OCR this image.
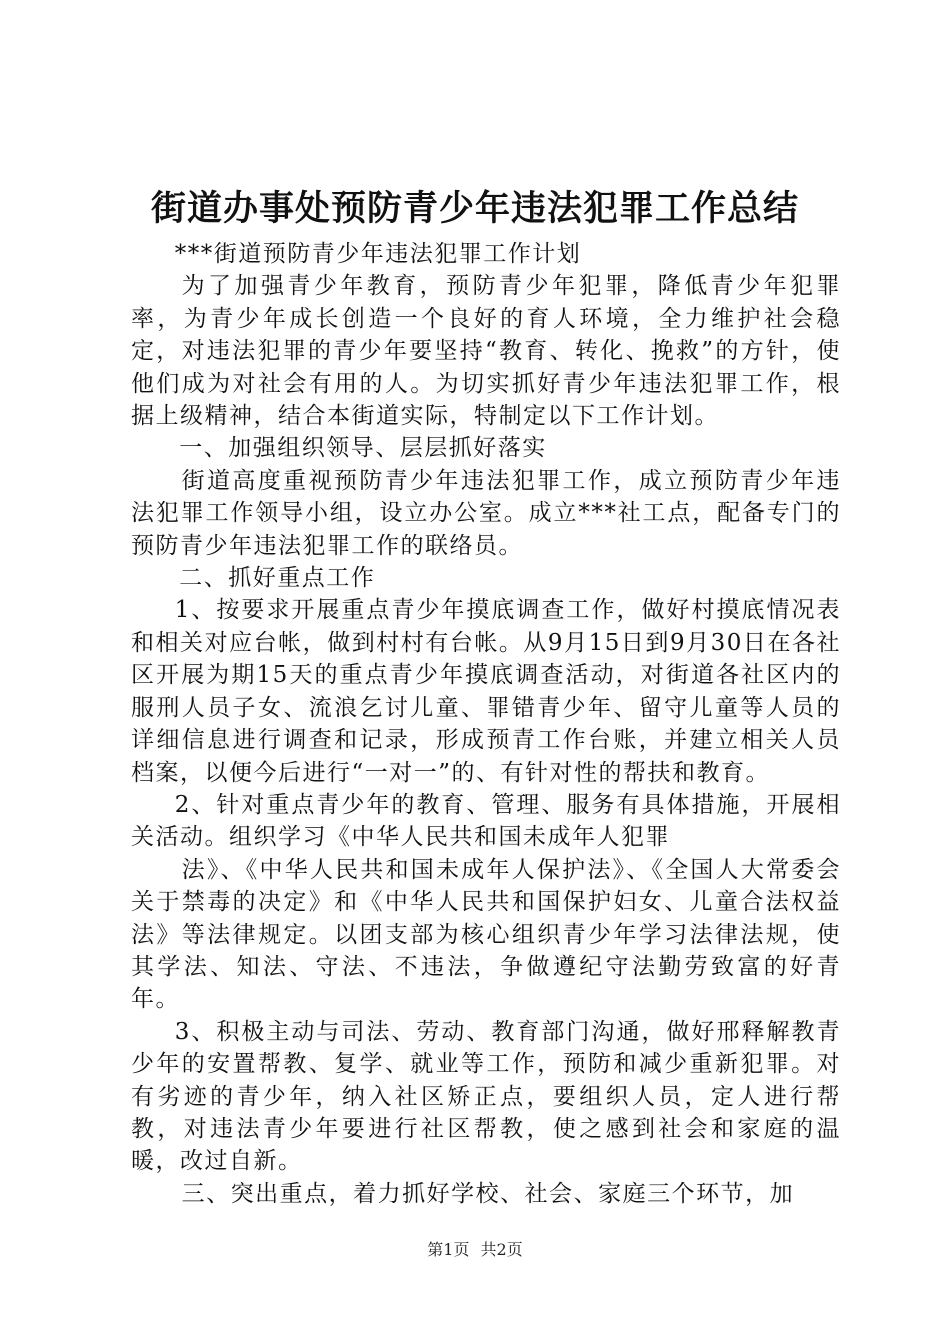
街道办事处预防青少年违法犯罪工作总结

***街道预防青少年违法犯罪工作计划

为了加强青少年教育，预防青少年犯罪，降低青少年犯罪率，为青少年成长创造一个良好的育人环境，全力维护社会稳定，对违法犯罪的青少年要坚持“教育、转化、挽救”的方针，使他们成为对社会有用的人。为切实抓好青少年违法犯罪工作，根据上级精神，结合本街道实际，特制定以下工作计划。

一、加强组织领导、层层抓好落实

街道高度重视预防青少年违法犯罪工作，成立预防青少年违法犯罪工作领导小组，设立办公室。成立***社工点，配备专门的预防青少年违法犯罪工作的联络员。

二、抓好重点工作

1、按要求开展重点青少年摸底调查工作，做好村摸底情况表和相关对应台帐，做到村村有台帐。从9月15日到9月30日在各社区开展为期15天的重点青少年摸底调查活动，对街道各社区内的服刑人员子女、流浪乞讨儿童、罪错青少年、留守儿童等人员的详细信息进行调查和记录，形成预青工作台账，并建立相关人员档案，以便今后进行“一对一”的、有针对性的帮扶和教育。

2、针对重点青少年的教育、管理、服务有具体措施，开展相关活动。组织学习《中华人民共和国未成年人犯罪

法》、《中华人民共和国未成年人保护法》、《全国人大常委会关于禁毒的决定》和《中华人民共和国保护妇女、儿童合法权益法》等法律规定。以团支部为核心组织青少年学习法律法规，使其学法、知法、守法、不违法，争做遵纪守法勤劳致富的好青年。

3、积极主动与司法、劳动、教育部门沟通，做好邢释解教青少年的安置帮教、复学、就业等工作，预防和减少重新犯罪。对有劣迹的青少年，纳入社区矫正点，要组织人员，定人进行帮教，对违法青少年要进行社区帮教，使之感到社会和家庭的温暖，改过自新。

三、突出重点，着力抓好学校、社会、家庭三个环节，加

第1页 共2页
